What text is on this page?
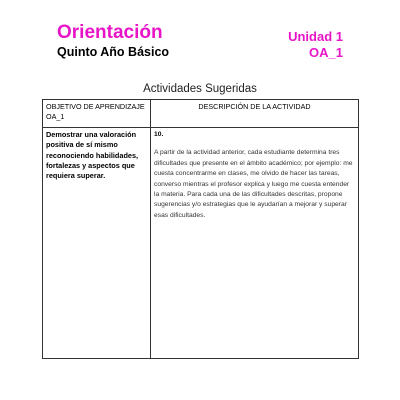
Orientación
Quinto Año Básico
Unidad 1
OA_1
Actividades Sugeridas
OBJETIVO DE APRENDIZAJE OA_1	DESCRIPCIÓN DE LA ACTIVIDAD
Demostrar una valoración positiva de sí mismo reconociendo habilidades, fortalezas y aspectos que requiera superar.	10.
A partir de la actividad anterior, cada estudiante determina tres dificultades que presente en el ámbito académico; por ejemplo: me cuesta concentrarme en clases, me olvido de hacer las tareas, converso mientras el profesor explica y luego me cuesta entender la materia. Para cada una de las dificultades descritas, propone sugerencias y/o estrategias que le ayudarían a mejorar y superar esas dificultades.
